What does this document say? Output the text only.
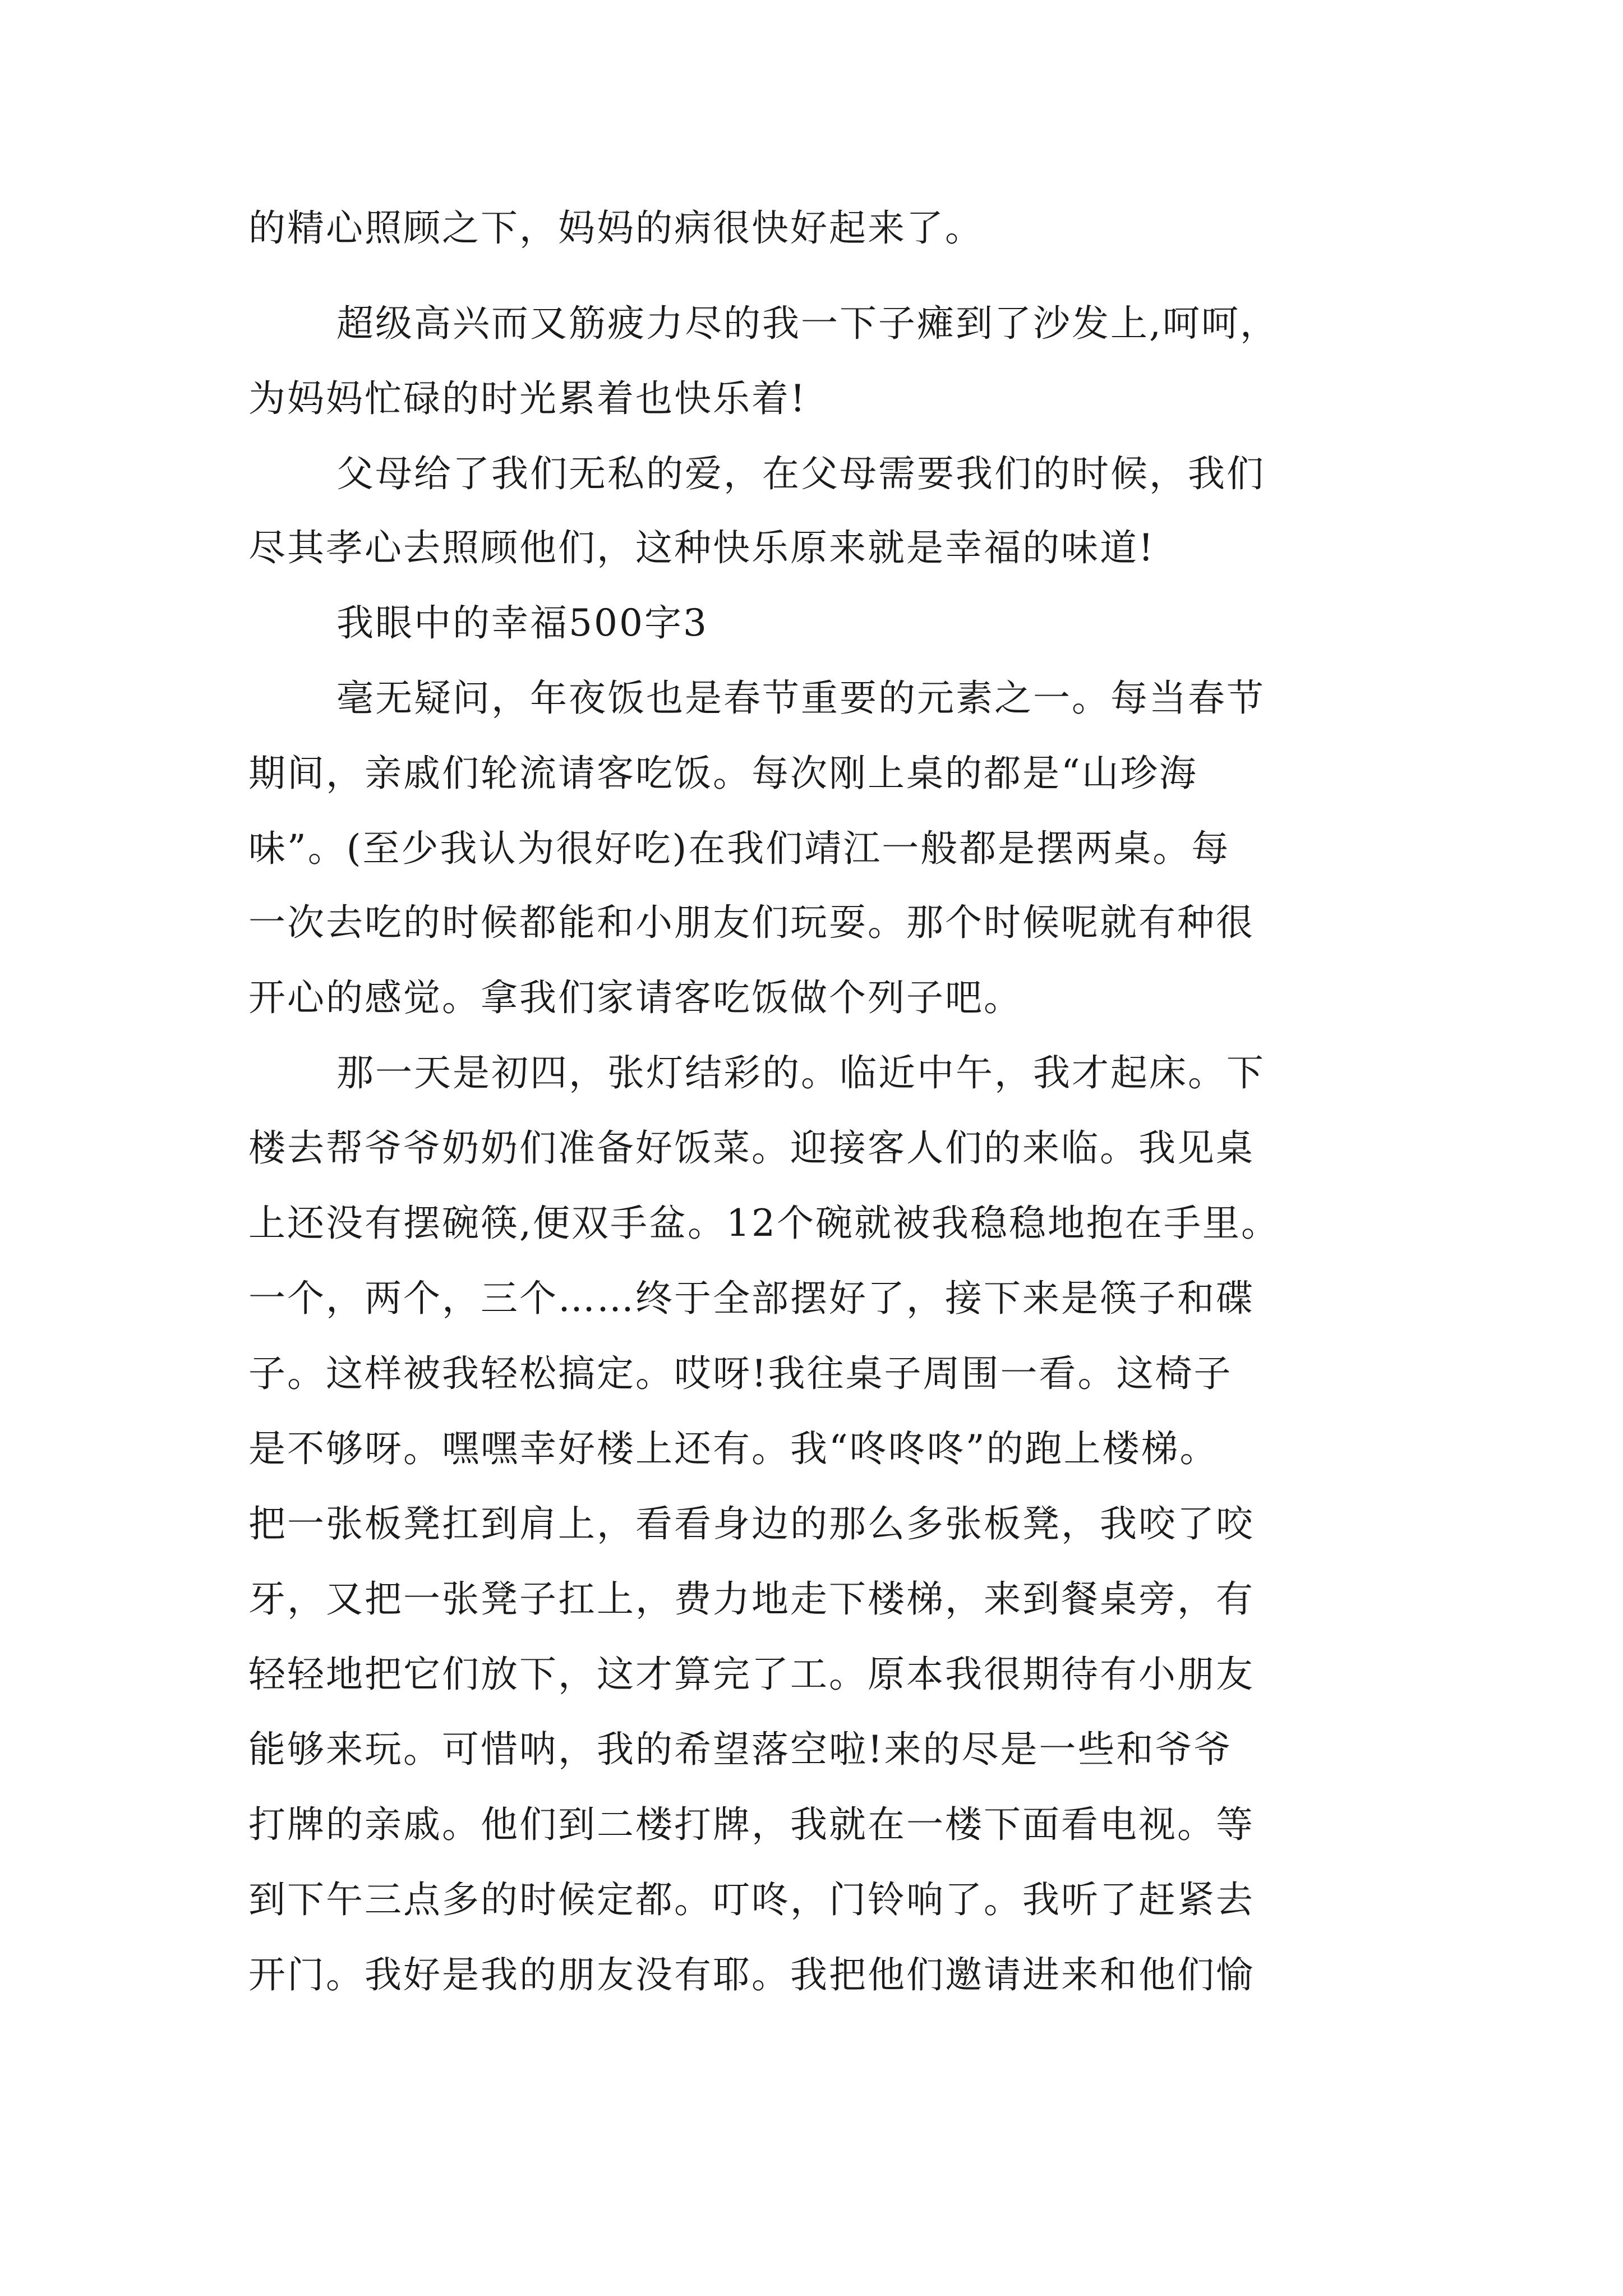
的精心照顾之下，妈妈的病很快好起来了。
超级高兴而又筋疲力尽的我一下子瘫到了沙发上,呵呵，
为妈妈忙碌的时光累着也快乐着!
父母给了我们无私的爱，在父母需要我们的时候，我们
尽其孝心去照顾他们，这种快乐原来就是幸福的味道!
我眼中的幸福500字3
毫无疑问，年夜饭也是春节重要的元素之一。每当春节
期间，亲戚们轮流请客吃饭。每次刚上桌的都是“山珍海
味”。(至少我认为很好吃)在我们靖江一般都是摆两桌。每
一次去吃的时候都能和小朋友们玩耍。那个时候呢就有种很
开心的感觉。拿我们家请客吃饭做个列子吧。
那一天是初四，张灯结彩的。临近中午，我才起床。下
楼去帮爷爷奶奶们准备好饭菜。迎接客人们的来临。我见桌
上还没有摆碗筷,便双手盆。12个碗就被我稳稳地抱在手里。
一个，两个，三个……终于全部摆好了，接下来是筷子和碟
子。这样被我轻松搞定。哎呀!我往桌子周围一看。这椅子
是不够呀。嘿嘿幸好楼上还有。我“咚咚咚”的跑上楼梯。
把一张板凳扛到肩上，看看身边的那么多张板凳，我咬了咬
牙，又把一张凳子扛上，费力地走下楼梯，来到餐桌旁，有
轻轻地把它们放下，这才算完了工。原本我很期待有小朋友
能够来玩。可惜呐，我的希望落空啦!来的尽是一些和爷爷
打牌的亲戚。他们到二楼打牌，我就在一楼下面看电视。等
到下午三点多的时候定都。叮咚，门铃响了。我听了赶紧去
开门。我好是我的朋友没有耶。我把他们邀请进来和他们愉
